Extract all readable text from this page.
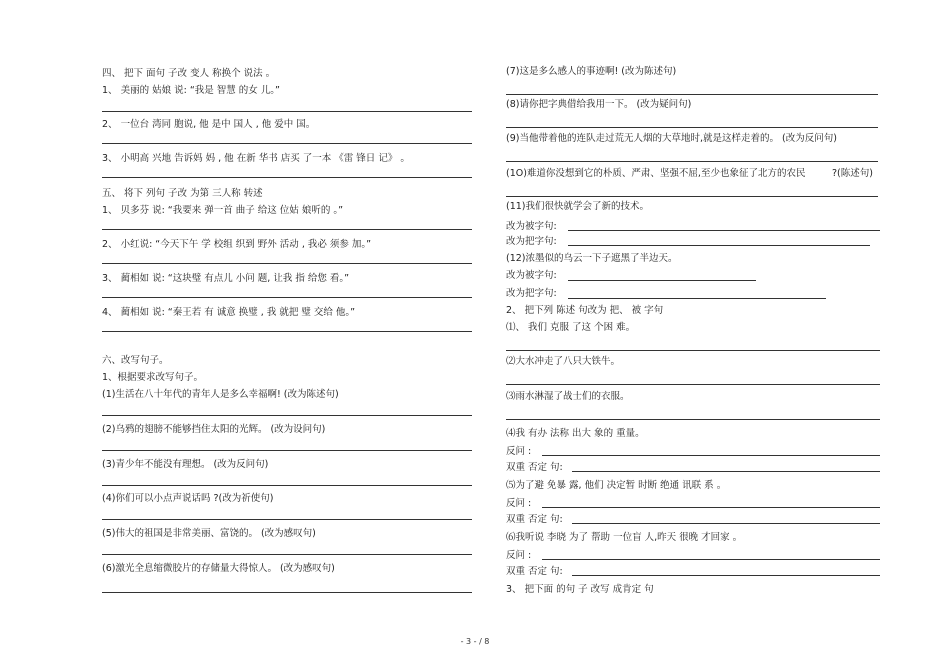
四、 把下 面句 子改 变人 称换个 说法 。
1、 美丽的 姑娘 说: “我是 智慧 的女 儿。”
2、 一位台 湾同 胞说, 他 是中 国人 , 他 爱中 国。
3、 小明高 兴地 告诉妈 妈 , 他 在新 华书 店买 了一本 《雷 锋日 记》 。
五、 将下 列句 子改 为第 三人称 转述
1、 贝多芬 说: “我要来 弹一首 曲子 给这 位姑 娘听的 。”
2、 小红说: “今天下午 学 校组 织到 野外 活动 , 我必 须参 加。”
3、 蔺相如 说: “这块璧 有点儿 小问 题, 让我 指 给您 看。”
4、 蔺相如 说: “秦王若 有 诚意 换璧 , 我 就把 璧 交给 他。”
六、改写句子。
1、根据要求改写句子。
(1)生活在八十年代的青年人是多么幸福啊! (改为陈述句)
(2)乌鸦的翅膀不能够挡住太阳的光辉。 (改为设问句)
(3)青少年不能没有理想。 (改为反问句)
(4)你们可以小点声说话吗 ?(改为祈使句)
(5)伟大的祖国是非常美丽、富饶的。 (改为感叹句)
(6)激光全息缩微胶片的存储量大得惊人。 (改为感叹句)
(7)这是多么感人的事迹啊! (改为陈述句)
(8)请你把字典借给我用一下。 (改为疑问句)
(9)当他带着他的连队走过荒无人烟的大草地时,就是这样走着的。 (改为反问句)
(1O)难道你没想到它的朴质、严肃、坚强不屈,至少也象征了北方的农民	?(陈述句)
(11)我们很快就学会了新的技术。
改为被字句:
改为把字句:
(12)浓墨似的乌云一下子遮黑了半边天。
改为被字句:
改为把字句:
2、 把下列 陈述 句改为 把、 被 字句
⑴、 我们 克服 了这 个困 难。
⑵大水冲走了八只大铁牛。
⑶雨水淋湿了战士们的衣服。
⑷我 有办 法称 出大 象的 重量。
反问 :
双重 否定 句:
⑸为了避 免暴 露, 他们 决定暂 时断 绝通 讯联 系 。
反问 :
双重 否定 句:
⑹我听说 李晓 为了 帮助 一位盲 人,昨天 很晚 才回家 。
反问 :
双重 否定 句:
3、 把下面 的句 子 改写 成肯定 句
- 3 - / 8
